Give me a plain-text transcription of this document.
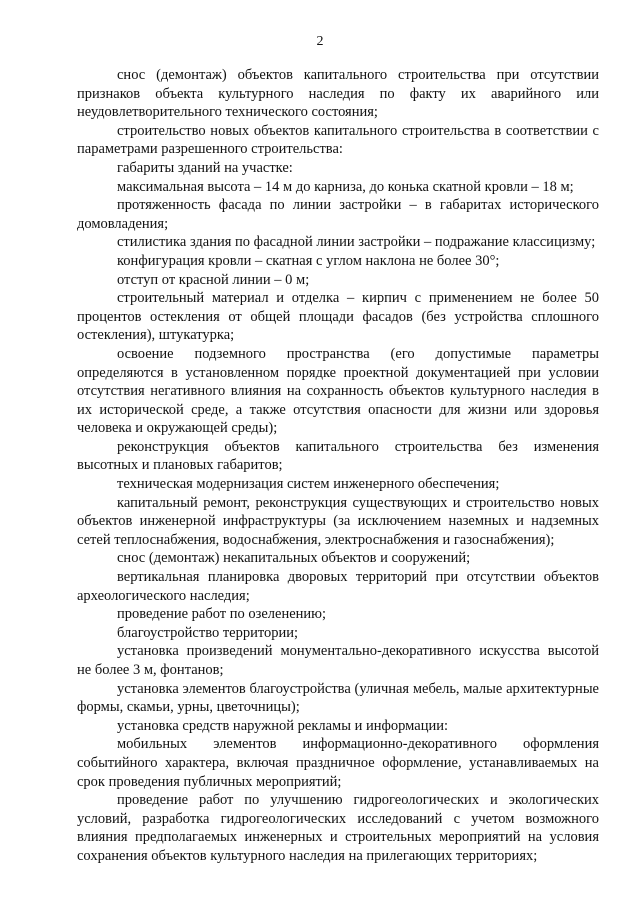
2

снос (демонтаж) объектов капитального строительства при отсутствии признаков объекта культурного наследия по факту их аварийного или неудовлетворительного технического состояния;

строительство новых объектов капитального строительства в соответствии с параметрами разрешенного строительства:

габариты зданий на участке:

максимальная высота – 14 м до карниза, до конька скатной кровли – 18 м;

протяженность фасада по линии застройки – в габаритах исторического домовладения;

стилистика здания по фасадной линии застройки – подражание классицизму;

конфигурация кровли – скатная с углом наклона не более 30°;

отступ от красной линии – 0 м;

строительный материал и отделка – кирпич с применением не более 50 процентов остекления от общей площади фасадов (без устройства сплошного остекления), штукатурка;

освоение подземного пространства (его допустимые параметры определяются в установленном порядке проектной документацией при условии отсутствия негативного влияния на сохранность объектов культурного наследия в их исторической среде, а также отсутствия опасности для жизни или здоровья человека и окружающей среды);

реконструкция объектов капитального строительства без изменения высотных и плановых габаритов;

техническая модернизация систем инженерного обеспечения;

капитальный ремонт, реконструкция существующих и строительство новых объектов инженерной инфраструктуры (за исключением наземных и надземных сетей теплоснабжения, водоснабжения, электроснабжения и газоснабжения);

снос (демонтаж) некапитальных объектов и сооружений;

вертикальная планировка дворовых территорий при отсутствии объектов археологического наследия;

проведение работ по озеленению;

благоустройство территории;

установка произведений монументально-декоративного искусства высотой не более 3 м, фонтанов;

установка элементов благоустройства (уличная мебель, малые архитектурные формы, скамьи, урны, цветочницы);

установка средств наружной рекламы и информации:

мобильных элементов информационно-декоративного оформления событийного характера, включая праздничное оформление, устанавливаемых на срок проведения публичных мероприятий;

проведение работ по улучшению гидрогеологических и экологических условий, разработка гидрогеологических исследований с учетом возможного влияния предполагаемых инженерных и строительных мероприятий на условия сохранения объектов культурного наследия на прилегающих территориях;
